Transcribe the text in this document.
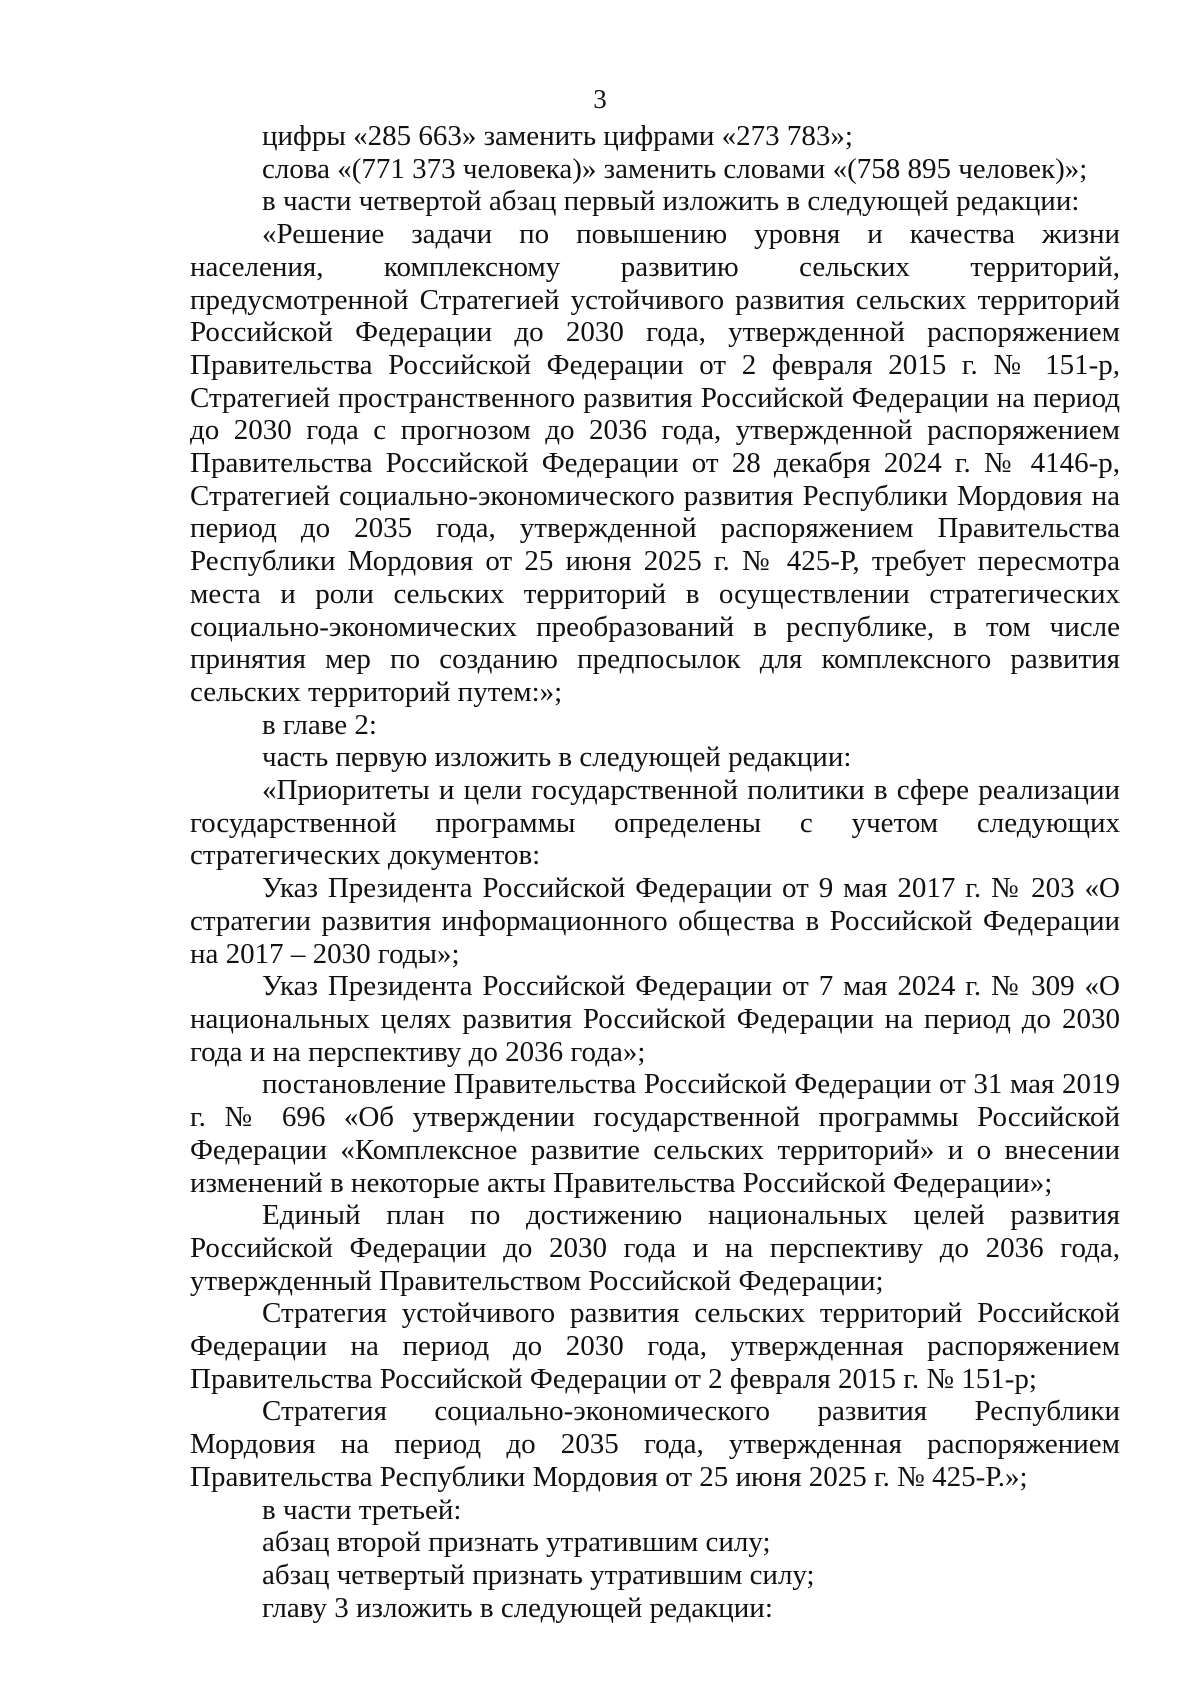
3

цифры «285 663» заменить цифрами «273 783»;

слова «(771 373 человека)» заменить словами «(758 895 человек)»;

в части четвертой абзац первый изложить в следующей редакции:

«Решение задачи по повышению уровня и качества жизни населения, комплексному развитию сельских территорий, предусмотренной Стратегией устойчивого развития сельских территорий Российской Федерации до 2030 года, утвержденной распоряжением Правительства Российской Федерации от 2 февраля 2015 г. № 151-р, Стратегией пространственного развития Российской Федерации на период до 2030 года с прогнозом до 2036 года, утвержденной распоряжением Правительства Российской Федерации от 28 декабря 2024 г. № 4146-р, Стратегией социально-экономического развития Республики Мордовия на период до 2035 года, утвержденной распоряжением Правительства Республики Мордовия от 25 июня 2025 г. № 425-Р, требует пересмотра места и роли сельских территорий в осуществлении стратегических социально-экономических преобразований в республике, в том числе принятия мер по созданию предпосылок для комплексного развития сельских территорий путем:»;

в главе 2:

часть первую изложить в следующей редакции:

«Приоритеты и цели государственной политики в сфере реализации государственной программы определены с учетом следующих стратегических документов:

Указ Президента Российской Федерации от 9 мая 2017 г. № 203 «О стратегии развития информационного общества в Российской Федерации на 2017 – 2030 годы»;

Указ Президента Российской Федерации от 7 мая 2024 г. № 309 «О национальных целях развития Российской Федерации на период до 2030 года и на перспективу до 2036 года»;

постановление Правительства Российской Федерации от 31 мая 2019 г. № 696 «Об утверждении государственной программы Российской Федерации «Комплексное развитие сельских территорий» и о внесении изменений в некоторые акты Правительства Российской Федерации»;

Единый план по достижению национальных целей развития Российской Федерации до 2030 года и на перспективу до 2036 года, утвержденный Правительством Российской Федерации;

Стратегия устойчивого развития сельских территорий Российской Федерации на период до 2030 года, утвержденная распоряжением Правительства Российской Федерации от 2 февраля 2015 г. № 151-р;

Стратегия социально-экономического развития Республики Мордовия на период до 2035 года, утвержденная распоряжением Правительства Республики Мордовия от 25 июня 2025 г. № 425-Р.»;

в части третьей:

абзац второй признать утратившим силу;

абзац четвертый признать утратившим силу;

главу 3 изложить в следующей редакции:
